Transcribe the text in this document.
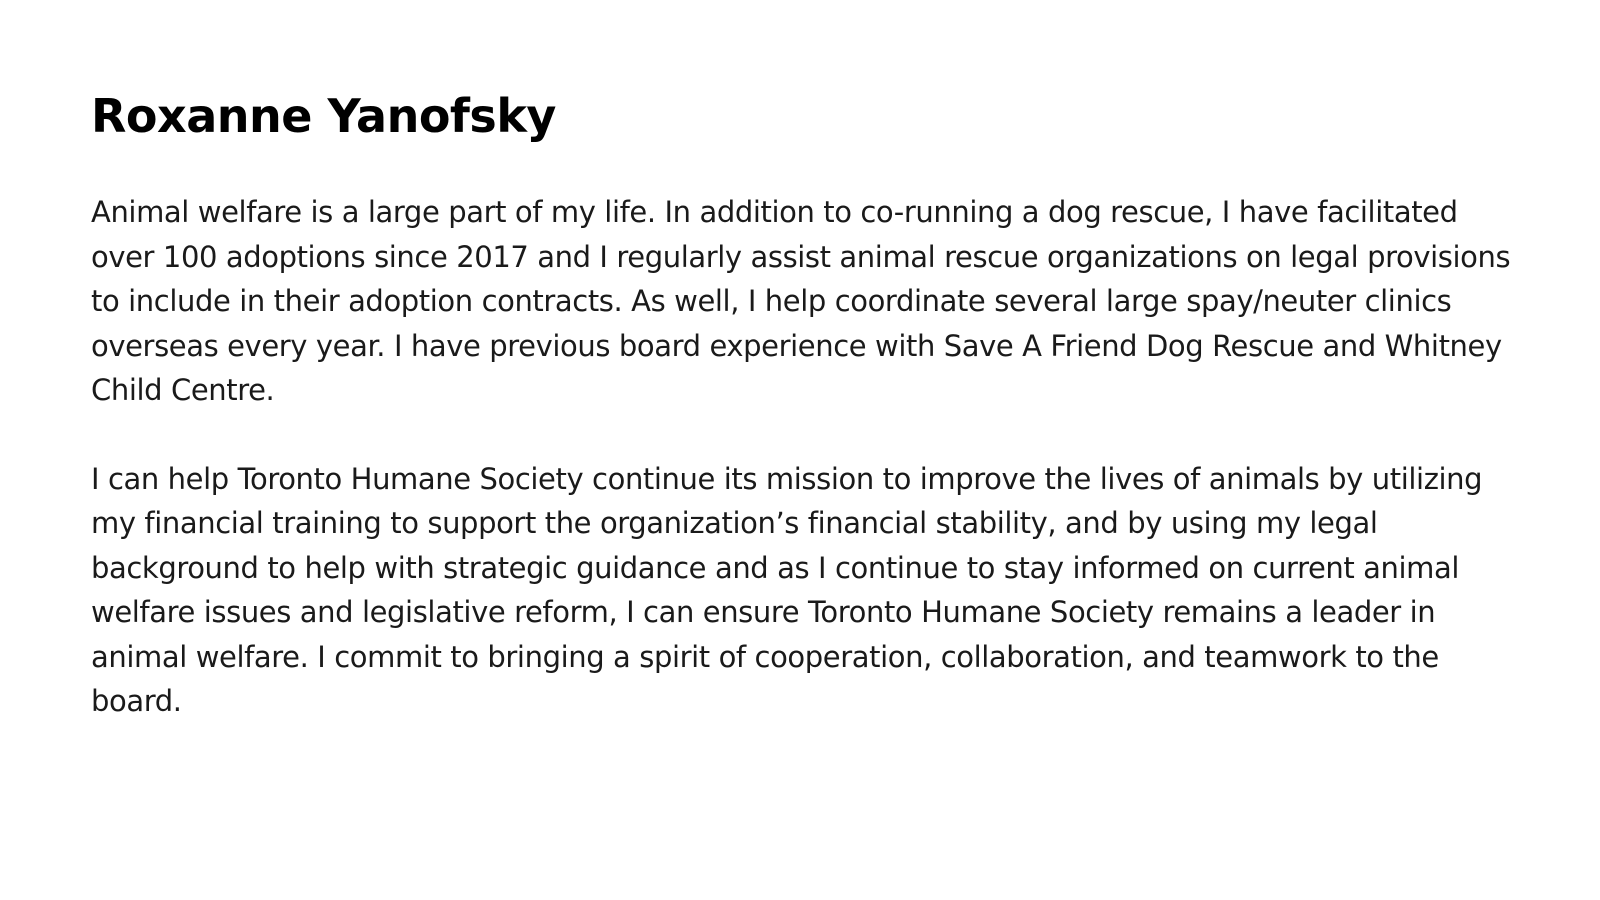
Roxanne Yanofsky

Animal welfare is a large part of my life. In addition to co-running a dog rescue, I have facilitated over 100 adoptions since 2017 and I regularly assist animal rescue organizations on legal provisions to include in their adoption contracts. As well, I help coordinate several large spay/neuter clinics overseas every year. I have previous board experience with Save A Friend Dog Rescue and Whitney Child Centre.

I can help Toronto Humane Society continue its mission to improve the lives of animals by utilizing my financial training to support the organization’s financial stability, and by using my legal background to help with strategic guidance and as I continue to stay informed on current animal welfare issues and legislative reform, I can ensure Toronto Humane Society remains a leader in animal welfare. I commit to bringing a spirit of cooperation, collaboration, and teamwork to the board.
